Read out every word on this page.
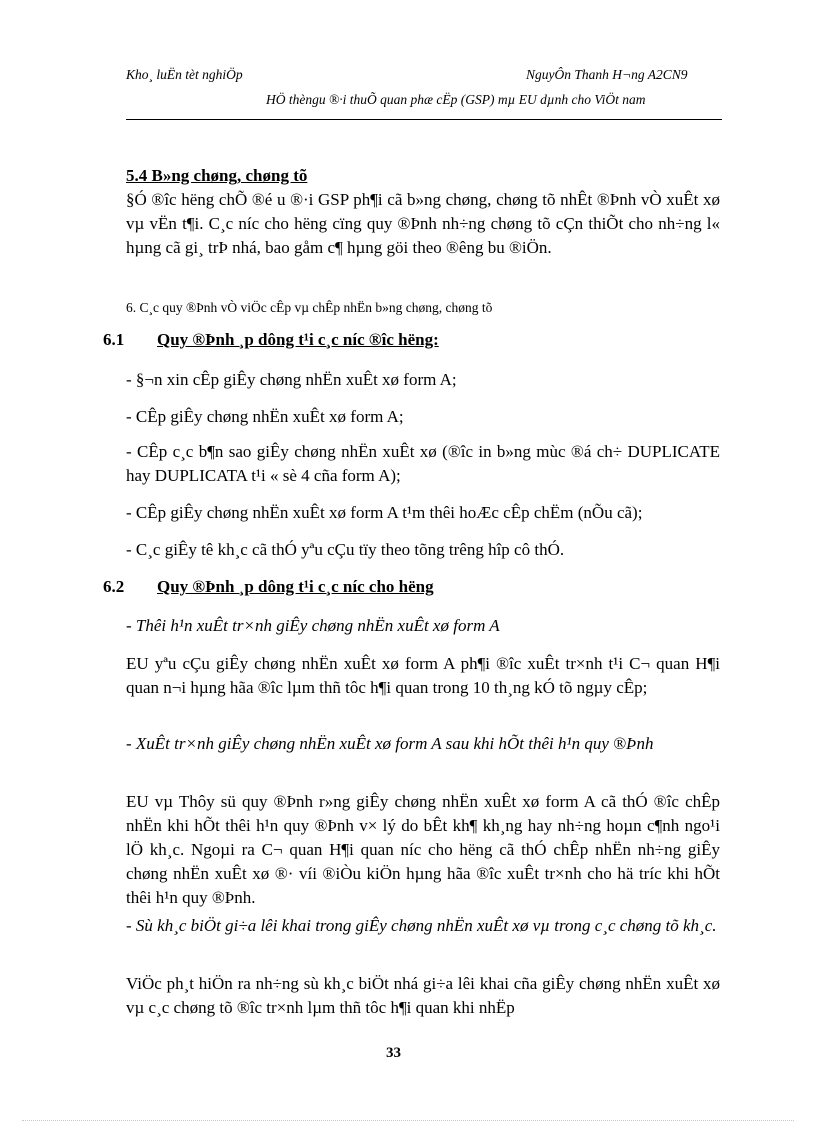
Kho¸ luËn tèt nghiÖp	NguyÔn Thanh H¬ng A2CN9
HÖ thèngu ®·i thuÕ quan phæ cËp (GSP) mµ EU dµnh cho ViÖt nam
5.4 B»ng chøng, chøng tõ
§Ó ®îc hëng chÕ ®é u ®·i GSP ph¶i cã b»ng chøng, chøng tõ nhÊt ®Þnh vÒ xuÊt xø vµ vËn t¶i. C¸c níc cho hëng cïng quy ®Þnh nh÷ng chøng tõ cÇn thiÕt cho nh÷ng l« hµng cã gi¸ trÞ nhá, bao gåm c¶ hµng göi theo ®êng bu ®iÖn.
6. C¸c quy ®Þnh vÒ viÖc cÊp vµ chÊp nhËn b»ng chøng, chøng tõ
6.1 Quy ®Þnh ¸p dông t¹i c¸c níc ®îc hëng:
- §¬n xin cÊp giÊy chøng nhËn xuÊt xø form A;
- CÊp giÊy chøng nhËn xuÊt xø form A;
- CÊp c¸c b¶n sao giÊy chøng nhËn xuÊt xø (®îc in b»ng mùc ®á ch÷ DUPLICATE hay DUPLICATA t¹i « sè 4 cña form A);
- CÊp giÊy chøng nhËn xuÊt xø form A t¹m thêi hoÆc cÊp chËm (nÕu cã);
- C¸c giÊy tê kh¸c cã thÓ yªu cÇu tïy theo tõng trêng hîp cô thÓ.
6.2 Quy ®Þnh ¸p dông t¹i c¸c níc cho hëng
- Thêi h¹n xuÊt tr×nh giÊy chøng nhËn xuÊt xø form A
EU yªu cÇu giÊy chøng nhËn xuÊt xø form A ph¶i ®îc xuÊt tr×nh t¹i C¬ quan H¶i quan n¬i hµng hãa ®îc lµm thñ tôc h¶i quan trong 10 th¸ng kÓ tõ ngµy cÊp;
- XuÊt tr×nh giÊy chøng nhËn xuÊt xø form A sau khi hÕt thêi h¹n quy ®Þnh
EU vµ Thôy sü quy ®Þnh r»ng giÊy chøng nhËn xuÊt xø form A cã thÓ ®îc chÊp nhËn khi hÕt thêi h¹n quy ®Þnh v× lý do bÊt kh¶ kh¸ng hay nh÷ng hoµn c¶nh ngo¹i lÖ kh¸c. Ngoµi ra C¬ quan H¶i quan níc cho hëng cã thÓ chÊp nhËn nh÷ng giÊy chøng nhËn xuÊt xø ®· víi ®iÒu kiÖn hµng hãa ®îc xuÊt tr×nh cho hä tríc khi hÕt thêi h¹n quy ®Þnh.
- Sù kh¸c biÖt gi÷a lêi khai trong giÊy chøng nhËn xuÊt xø vµ trong c¸c chøng tõ kh¸c.
ViÖc ph¸t hiÖn ra nh÷ng sù kh¸c biÖt nhá gi÷a lêi khai cña giÊy chøng nhËn xuÊt xø vµ c¸c chøng tõ ®îc tr×nh lµm thñ tôc h¶i quan khi nhËp
33
